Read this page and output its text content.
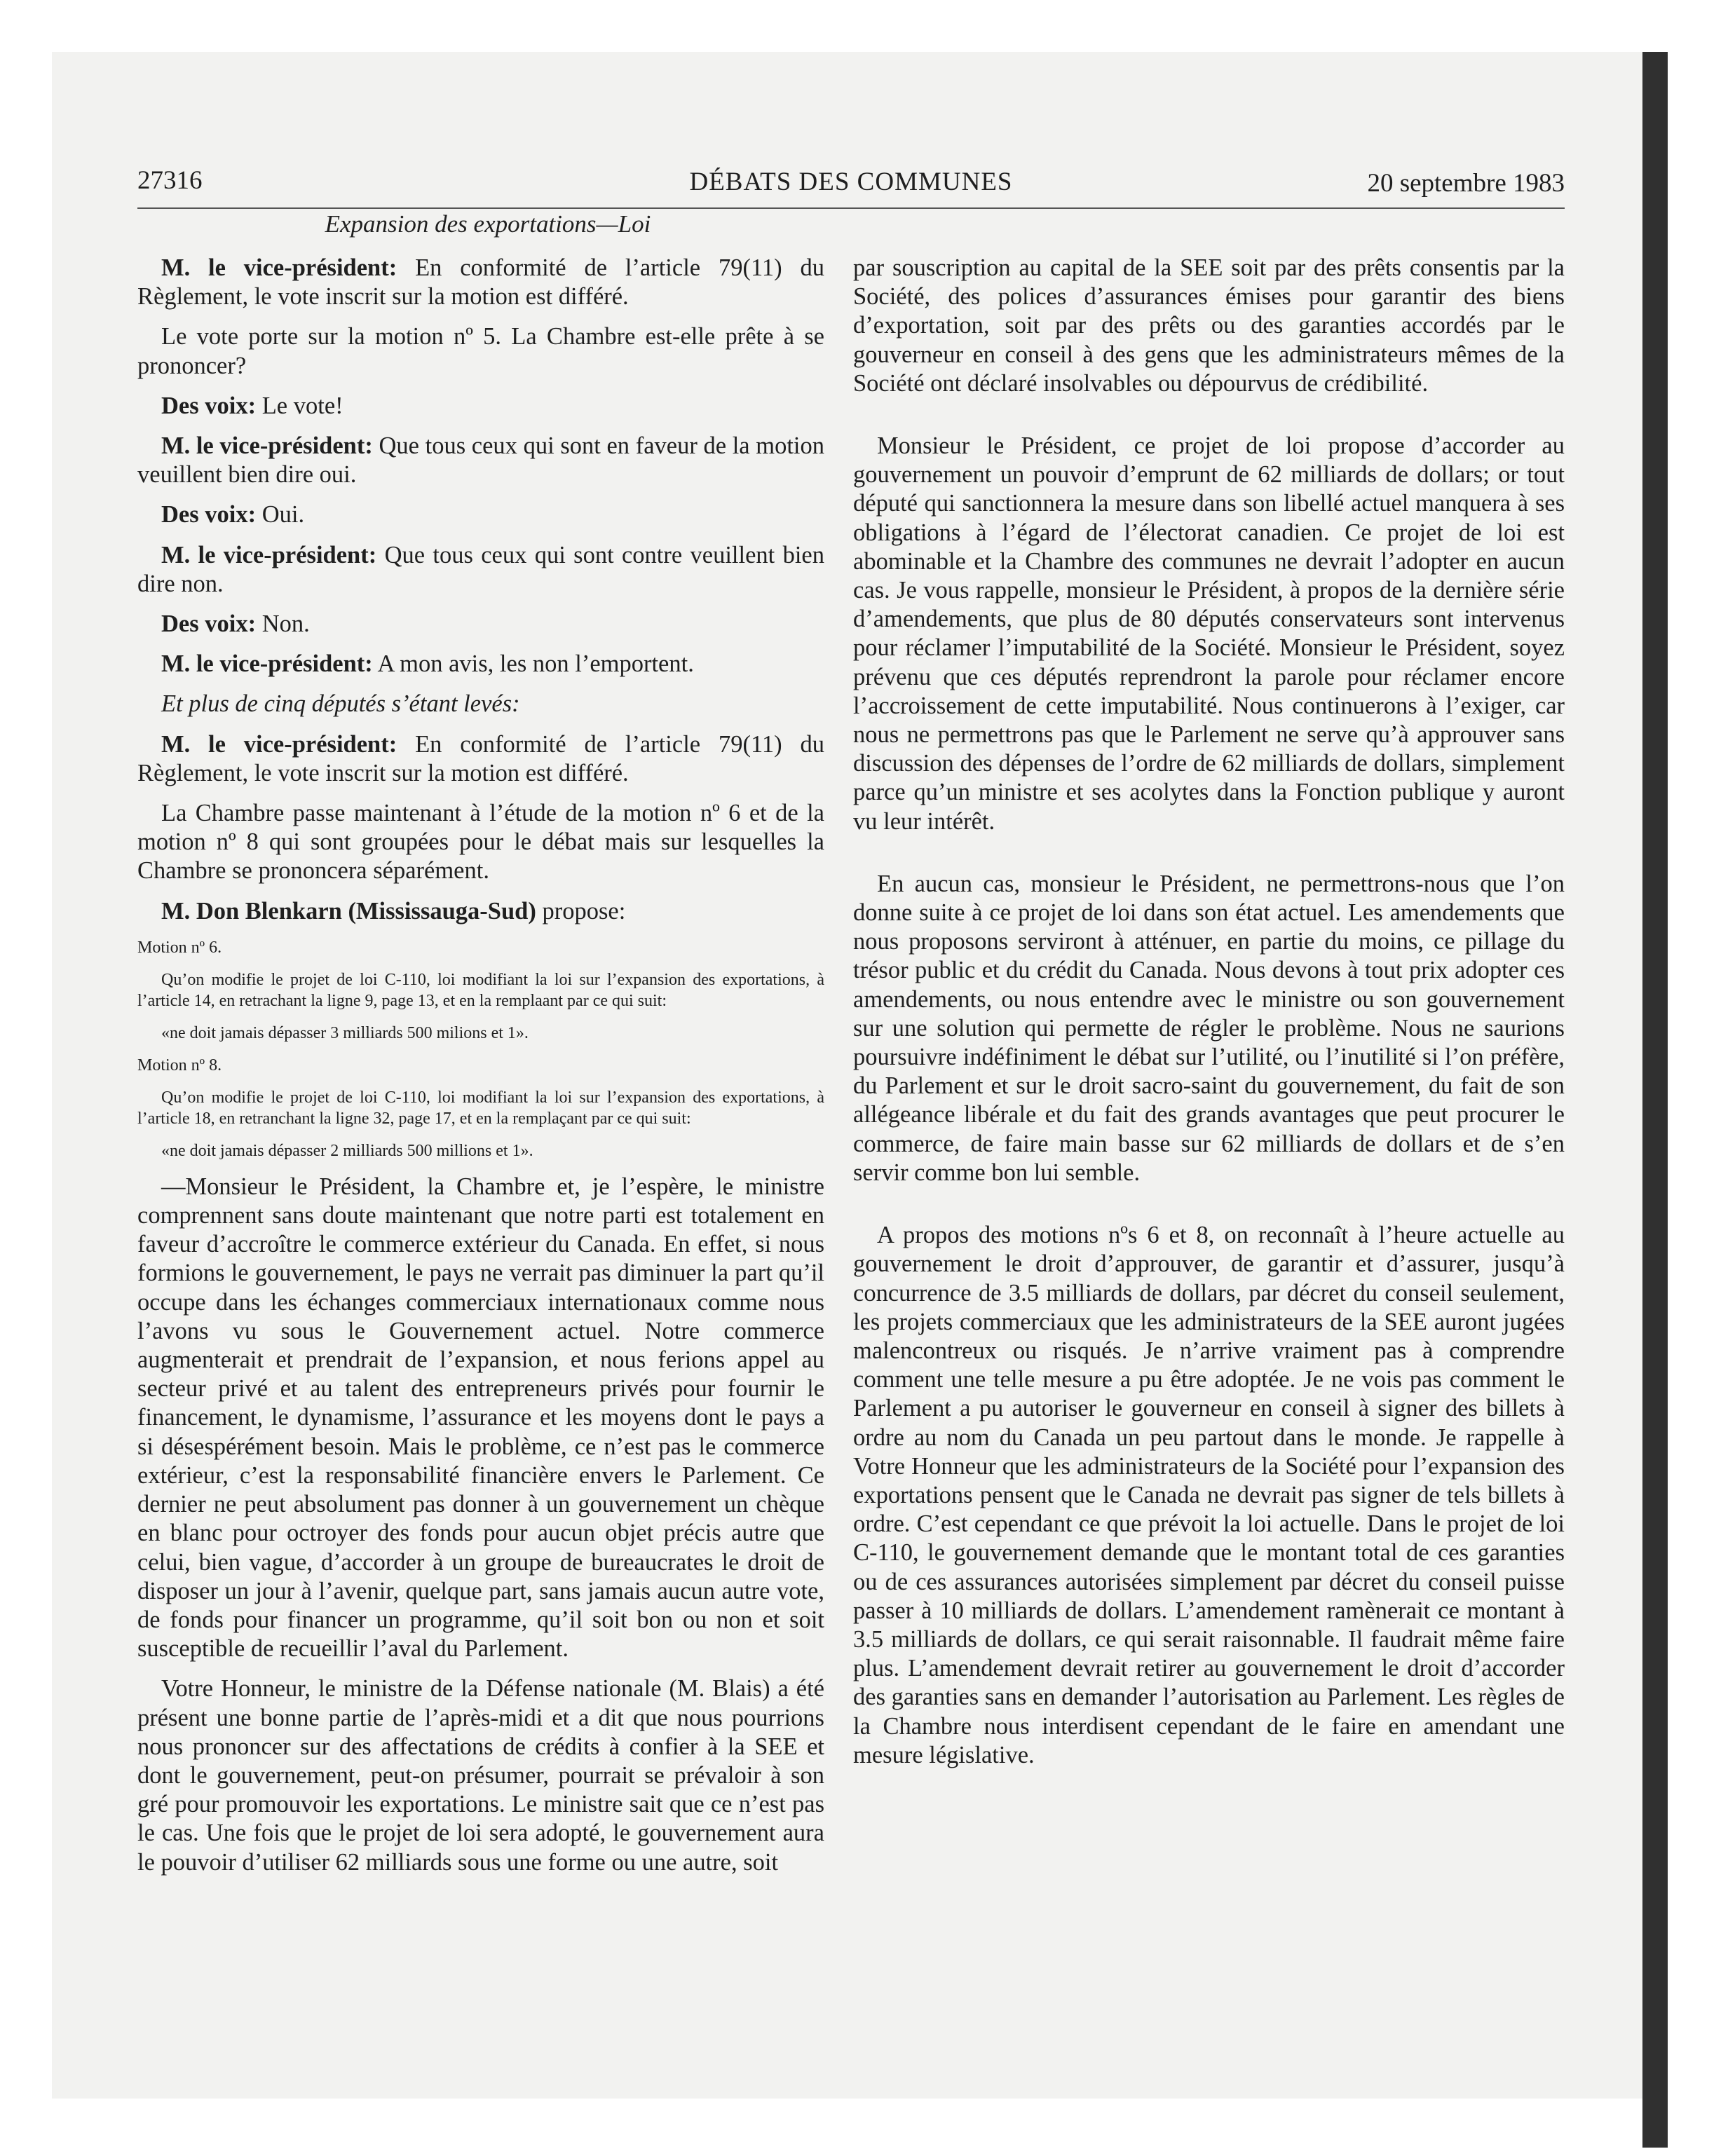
27316	DÉBATS DES COMMUNES	20 septembre 1983
Expansion des exportations—Loi

M. le vice-président: En conformité de l’article 79(11) du Règlement, le vote inscrit sur la motion est différé.

Le vote porte sur la motion nº 5. La Chambre est-elle prête à se prononcer?

Des voix: Le vote!

M. le vice-président: Que tous ceux qui sont en faveur de la motion veuillent bien dire oui.

Des voix: Oui.

M. le vice-président: Que tous ceux qui sont contre veuillent bien dire non.

Des voix: Non.

M. le vice-président: A mon avis, les non l’emportent.

Et plus de cinq députés s’étant levés:

M. le vice-président: En conformité de l’article 79(11) du Règlement, le vote inscrit sur la motion est différé.

La Chambre passe maintenant à l’étude de la motion nº 6 et de la motion nº 8 qui sont groupées pour le débat mais sur lesquelles la Chambre se prononcera séparément.

M. Don Blenkarn (Mississauga-Sud) propose:

Motion nº 6.

Qu’on modifie le projet de loi C-110, loi modifiant la loi sur l’expansion des exportations, à l’article 14, en retrachant la ligne 9, page 13, et en la remplaant par ce qui suit:

«ne doit jamais dépasser 3 milliards 500 milions et 1».

Motion nº 8.

Qu’on modifie le projet de loi C-110, loi modifiant la loi sur l’expansion des exportations, à l’article 18, en retranchant la ligne 32, page 17, et en la remplaçant par ce qui suit:

«ne doit jamais dépasser 2 milliards 500 millions et 1».

—Monsieur le Président, la Chambre et, je l’espère, le ministre comprennent sans doute maintenant que notre parti est totalement en faveur d’accroître le commerce extérieur du Canada. En effet, si nous formions le gouvernement, le pays ne verrait pas diminuer la part qu’il occupe dans les échanges commerciaux internationaux comme nous l’avons vu sous le Gouvernement actuel. Notre commerce augmenterait et prendrait de l’expansion, et nous ferions appel au secteur privé et au talent des entrepreneurs privés pour fournir le financement, le dynamisme, l’assurance et les moyens dont le pays a si désespérément besoin. Mais le problème, ce n’est pas le commerce extérieur, c’est la responsabilité financière envers le Parlement. Ce dernier ne peut absolument pas donner à un gouvernement un chèque en blanc pour octroyer des fonds pour aucun objet précis autre que celui, bien vague, d’accorder à un groupe de bureaucrates le droit de disposer un jour à l’avenir, quelque part, sans jamais aucun autre vote, de fonds pour financer un programme, qu’il soit bon ou non et soit susceptible de recueillir l’aval du Parlement.

Votre Honneur, le ministre de la Défense nationale (M. Blais) a été présent une bonne partie de l’après-midi et a dit que nous pourrions nous prononcer sur des affectations de crédits à confier à la SEE et dont le gouvernement, peut-on présumer, pourrait se prévaloir à son gré pour promouvoir les exportations. Le ministre sait que ce n’est pas le cas. Une fois que le projet de loi sera adopté, le gouvernement aura le pouvoir d’utiliser 62 milliards sous une forme ou une autre, soit

par souscription au capital de la SEE soit par des prêts consentis par la Société, des polices d’assurances émises pour garantir des biens d’exportation, soit par des prêts ou des garanties accordés par le gouverneur en conseil à des gens que les administrateurs mêmes de la Société ont déclaré insolvables ou dépourvus de crédibilité.

Monsieur le Président, ce projet de loi propose d’accorder au gouvernement un pouvoir d’emprunt de 62 milliards de dollars; or tout député qui sanctionnera la mesure dans son libellé actuel manquera à ses obligations à l’égard de l’électorat canadien. Ce projet de loi est abominable et la Chambre des communes ne devrait l’adopter en aucun cas. Je vous rappelle, monsieur le Président, à propos de la dernière série d’amendements, que plus de 80 députés conservateurs sont intervenus pour réclamer l’imputabilité de la Société. Monsieur le Président, soyez prévenu que ces députés reprendront la parole pour réclamer encore l’accroissement de cette imputabilité. Nous continuerons à l’exiger, car nous ne permettrons pas que le Parlement ne serve qu’à approuver sans discussion des dépenses de l’ordre de 62 milliards de dollars, simplement parce qu’un ministre et ses acolytes dans la Fonction publique y auront vu leur intérêt.

En aucun cas, monsieur le Président, ne permettrons-nous que l’on donne suite à ce projet de loi dans son état actuel. Les amendements que nous proposons serviront à atténuer, en partie du moins, ce pillage du trésor public et du crédit du Canada. Nous devons à tout prix adopter ces amendements, ou nous entendre avec le ministre ou son gouvernement sur une solution qui permette de régler le problème. Nous ne saurions poursuivre indéfiniment le débat sur l’utilité, ou l’inutilité si l’on préfère, du Parlement et sur le droit sacro-saint du gouvernement, du fait de son allégeance libérale et du fait des grands avantages que peut procurer le commerce, de faire main basse sur 62 milliards de dollars et de s’en servir comme bon lui semble.

A propos des motions nºs 6 et 8, on reconnaît à l’heure actuelle au gouvernement le droit d’approuver, de garantir et d’assurer, jusqu’à concurrence de 3.5 milliards de dollars, par décret du conseil seulement, les projets commerciaux que les administrateurs de la SEE auront jugées malencontreux ou risqués. Je n’arrive vraiment pas à comprendre comment une telle mesure a pu être adoptée. Je ne vois pas comment le Parlement a pu autoriser le gouverneur en conseil à signer des billets à ordre au nom du Canada un peu partout dans le monde. Je rappelle à Votre Honneur que les administrateurs de la Société pour l’expansion des exportations pensent que le Canada ne devrait pas signer de tels billets à ordre. C’est cependant ce que prévoit la loi actuelle. Dans le projet de loi C-110, le gouvernement demande que le montant total de ces garanties ou de ces assurances autorisées simplement par décret du conseil puisse passer à 10 milliards de dollars. L’amendement ramènerait ce montant à 3.5 milliards de dollars, ce qui serait raisonnable. Il faudrait même faire plus. L’amendement devrait retirer au gouvernement le droit d’accorder des garanties sans en demander l’autorisation au Parlement. Les règles de la Chambre nous interdisent cependant de le faire en amendant une mesure législative.
